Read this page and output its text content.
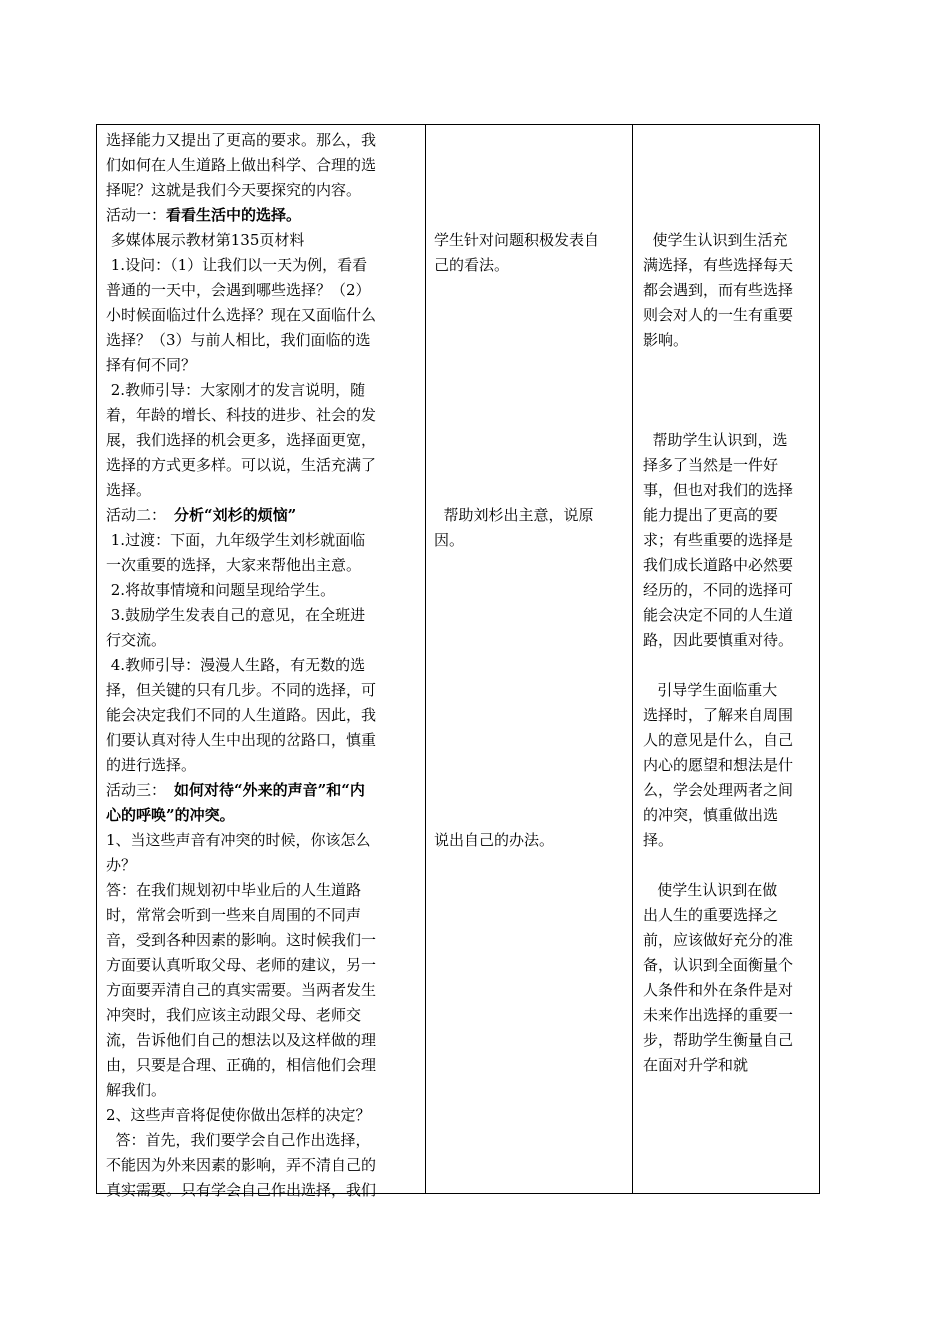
选择能力又提出了更高的要求。那么，我
们如何在人生道路上做出科学、合理的选
择呢？这就是我们今天要探究的内容。
活动一： 看看生活中的选择。
多媒体展示教材第135页材料
1.设问：（1）让我们以一天为例，看看
普通的一天中，会遇到哪些选择？（2）
小时候面临过什么选择？现在又面临什么
选择？（3）与前人相比，我们面临的选
择有何不同？
2.教师引导：大家刚才的发言说明，随
着，年龄的增长、科技的进步、社会的发
展，我们选择的机会更多，选择面更宽，
选择的方式更多样。可以说，生活充满了
选择。
活动二： 分析“刘杉的烦恼”
1.过渡：下面，九年级学生刘杉就面临
一次重要的选择，大家来帮他出主意。
2.将故事情境和问题呈现给学生。
3.鼓励学生发表自己的意见，在全班进
行交流。
4.教师引导：漫漫人生路，有无数的选
择，但关键的只有几步。不同的选择，可
能会决定我们不同的人生道路。因此，我
们要认真对待人生中出现的岔路口，慎重
的进行选择。
活动三： 如何对待“外来的声音”和“内
心的呼唤”的冲突。
1、当这些声音有冲突的时候，你该怎么
办？
答：在我们规划初中毕业后的人生道路
时，常常会听到一些来自周围的不同声
音，受到各种因素的影响。这时候我们一
方面要认真听取父母、老师的建议，另一
方面要弄清自己的真实需要。当两者发生
冲突时，我们应该主动跟父母、老师交
流，告诉他们自己的想法以及这样做的理
由，只要是合理、正确的，相信他们会理
解我们。
2、这些声音将促使你做出怎样的决定？
答：首先，我们要学会自己作出选择，
不能因为外来因素的影响，弄不清自己的
真实需要。只有学会自己作出选择，我们
学生针对问题积极发表自
己的看法。
帮助刘杉出主意，说原
因。
说出自己的办法。
使学生认识到生活充
满选择，有些选择每天
都会遇到，而有些选择
则会对人的一生有重要
影响。
帮助学生认识到，选
择多了当然是一件好
事，但也对我们的选择
能力提出了更高的要
求；有些重要的选择是
我们成长道路中必然要
经历的，不同的选择可
能会决定不同的人生道
路，因此要慎重对待。
引导学生面临重大
选择时，了解来自周围
人的意见是什么，自己
内心的愿望和想法是什
么，学会处理两者之间
的冲突，慎重做出选
择。
使学生认识到在做
出人生的重要选择之
前，应该做好充分的准
备，认识到全面衡量个
人条件和外在条件是对
未来作出选择的重要一
步，帮助学生衡量自己
在面对升学和就
